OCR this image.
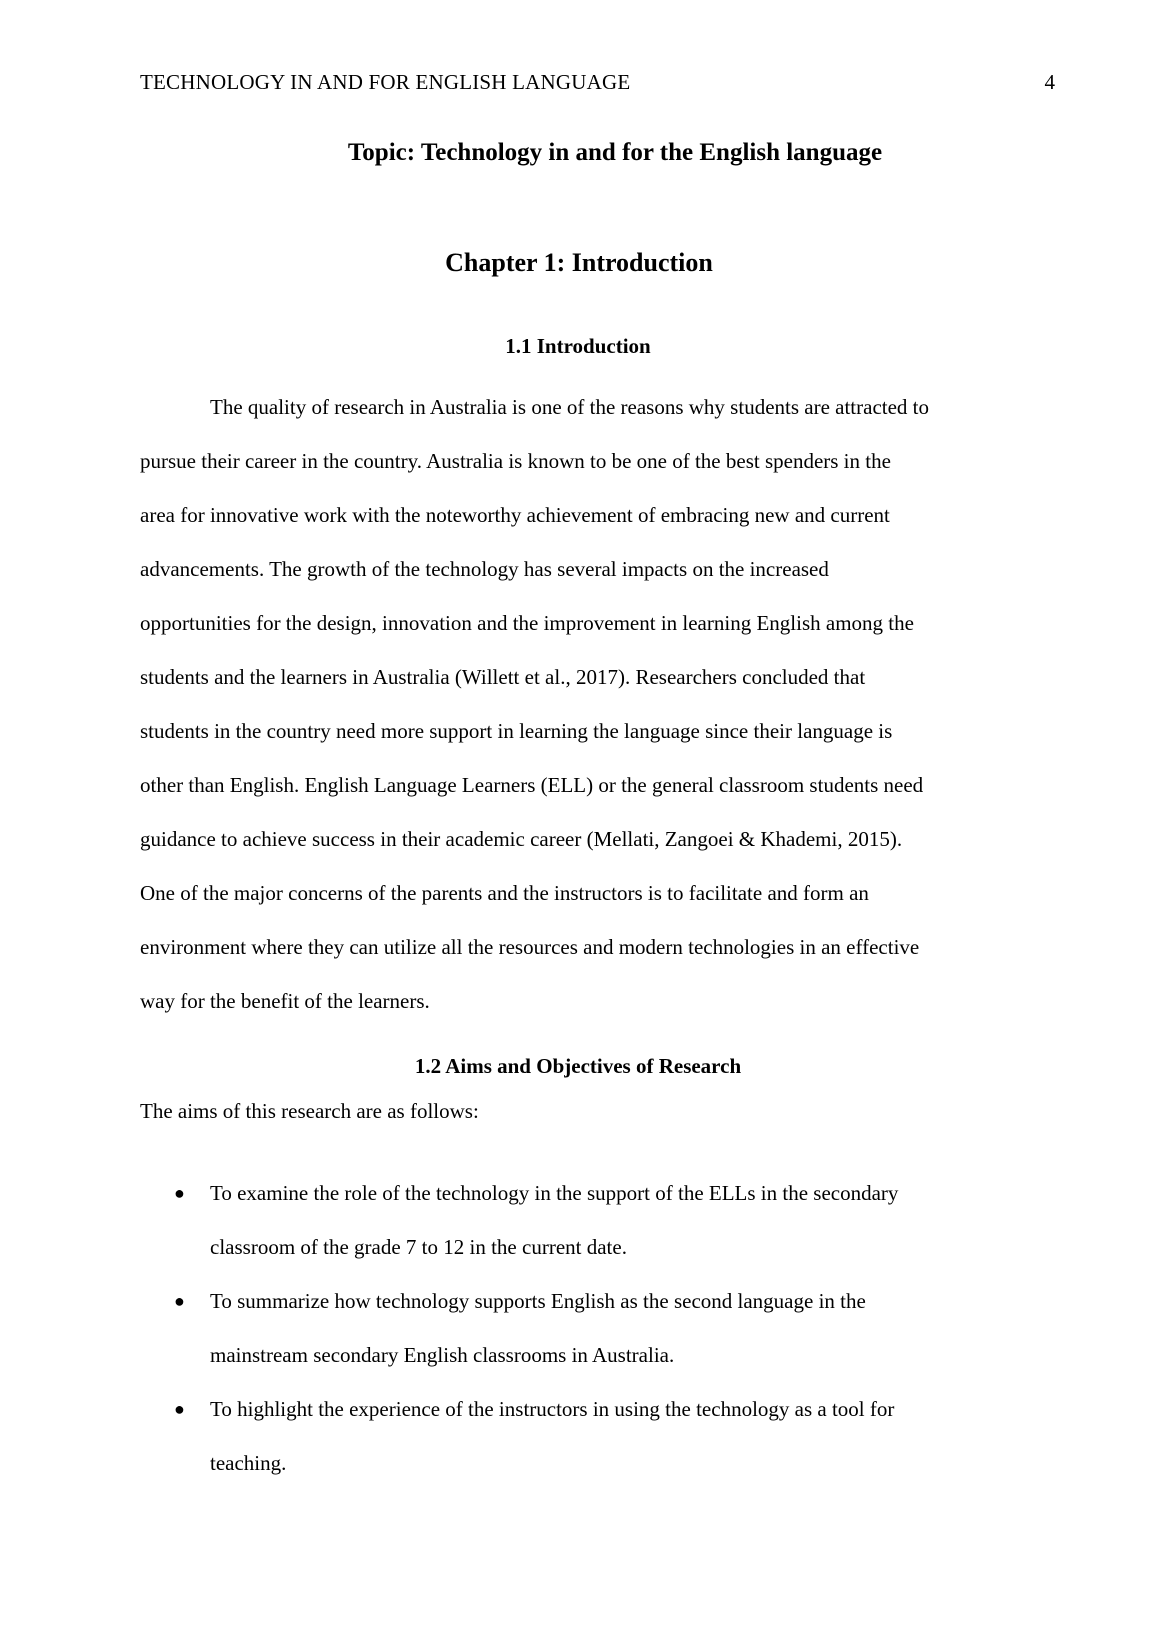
TECHNOLOGY IN AND FOR ENGLISH LANGUAGE	4
Topic: Technology in and for the English language
Chapter 1: Introduction
1.1 Introduction

The quality of research in Australia is one of the reasons why students are attracted to
pursue their career in the country. Australia is known to be one of the best spenders in the
area for innovative work with the noteworthy achievement of embracing new and current
advancements. The growth of the technology has several impacts on the increased
opportunities for the design, innovation and the improvement in learning English among the
students and the learners in Australia (Willett et al., 2017). Researchers concluded that
students in the country need more support in learning the language since their language is
other than English. English Language Learners (ELL) or the general classroom students need
guidance to achieve success in their academic career (Mellati, Zangoei & Khademi, 2015).
One of the major concerns of the parents and the instructors is to facilitate and form an
environment where they can utilize all the resources and modern technologies in an effective
way for the benefit of the learners.

1.2 Aims and Objectives of Research
The aims of this research are as follows:
● To examine the role of the technology in the support of the ELLs in the secondary
classroom of the grade 7 to 12 in the current date.
● To summarize how technology supports English as the second language in the
mainstream secondary English classrooms in Australia.
● To highlight the experience of the instructors in using the technology as a tool for
teaching.
